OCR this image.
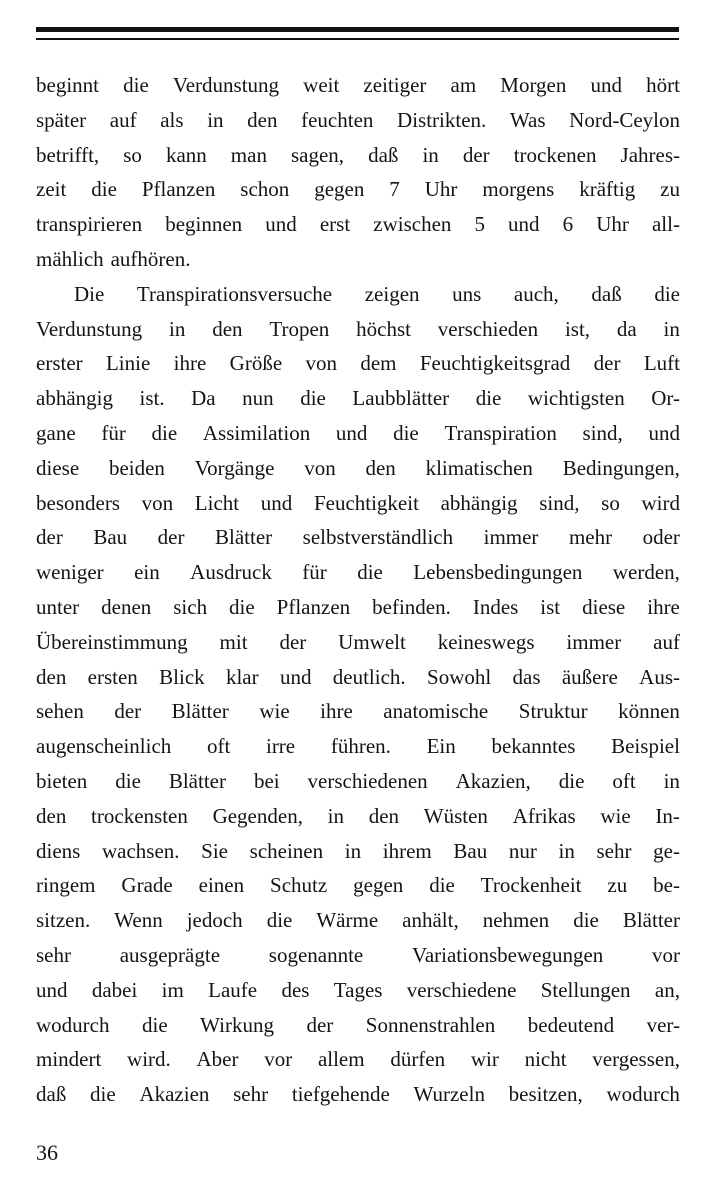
beginnt die Verdunstung weit zeitiger am Morgen und hört
später auf als in den feuchten Distrikten. Was Nord-Ceylon
betrifft, so kann man sagen, daß in der trockenen Jahres-
zeit die Pflanzen schon gegen 7 Uhr morgens kräftig zu
transpirieren beginnen und erst zwischen 5 und 6 Uhr all-
mählich aufhören.
Die Transpirationsversuche zeigen uns auch, daß die
Verdunstung in den Tropen höchst verschieden ist, da in
erster Linie ihre Größe von dem Feuchtigkeitsgrad der Luft
abhängig ist. Da nun die Laubblätter die wichtigsten Or-
gane für die Assimilation und die Transpiration sind, und
diese beiden Vorgänge von den klimatischen Bedingungen,
besonders von Licht und Feuchtigkeit abhängig sind, so wird
der Bau der Blätter selbstverständlich immer mehr oder
weniger ein Ausdruck für die Lebensbedingungen werden,
unter denen sich die Pflanzen befinden. Indes ist diese ihre
Übereinstimmung mit der Umwelt keineswegs immer auf
den ersten Blick klar und deutlich. Sowohl das äußere Aus-
sehen der Blätter wie ihre anatomische Struktur können
augenscheinlich oft irre führen. Ein bekanntes Beispiel
bieten die Blätter bei verschiedenen Akazien, die oft in
den trockensten Gegenden, in den Wüsten Afrikas wie In-
diens wachsen. Sie scheinen in ihrem Bau nur in sehr ge-
ringem Grade einen Schutz gegen die Trockenheit zu be-
sitzen. Wenn jedoch die Wärme anhält, nehmen die Blätter
sehr ausgeprägte sogenannte Variationsbewegungen vor
und dabei im Laufe des Tages verschiedene Stellungen an,
wodurch die Wirkung der Sonnenstrahlen bedeutend ver-
mindert wird. Aber vor allem dürfen wir nicht vergessen,
daß die Akazien sehr tiefgehende Wurzeln besitzen, wodurch
36
